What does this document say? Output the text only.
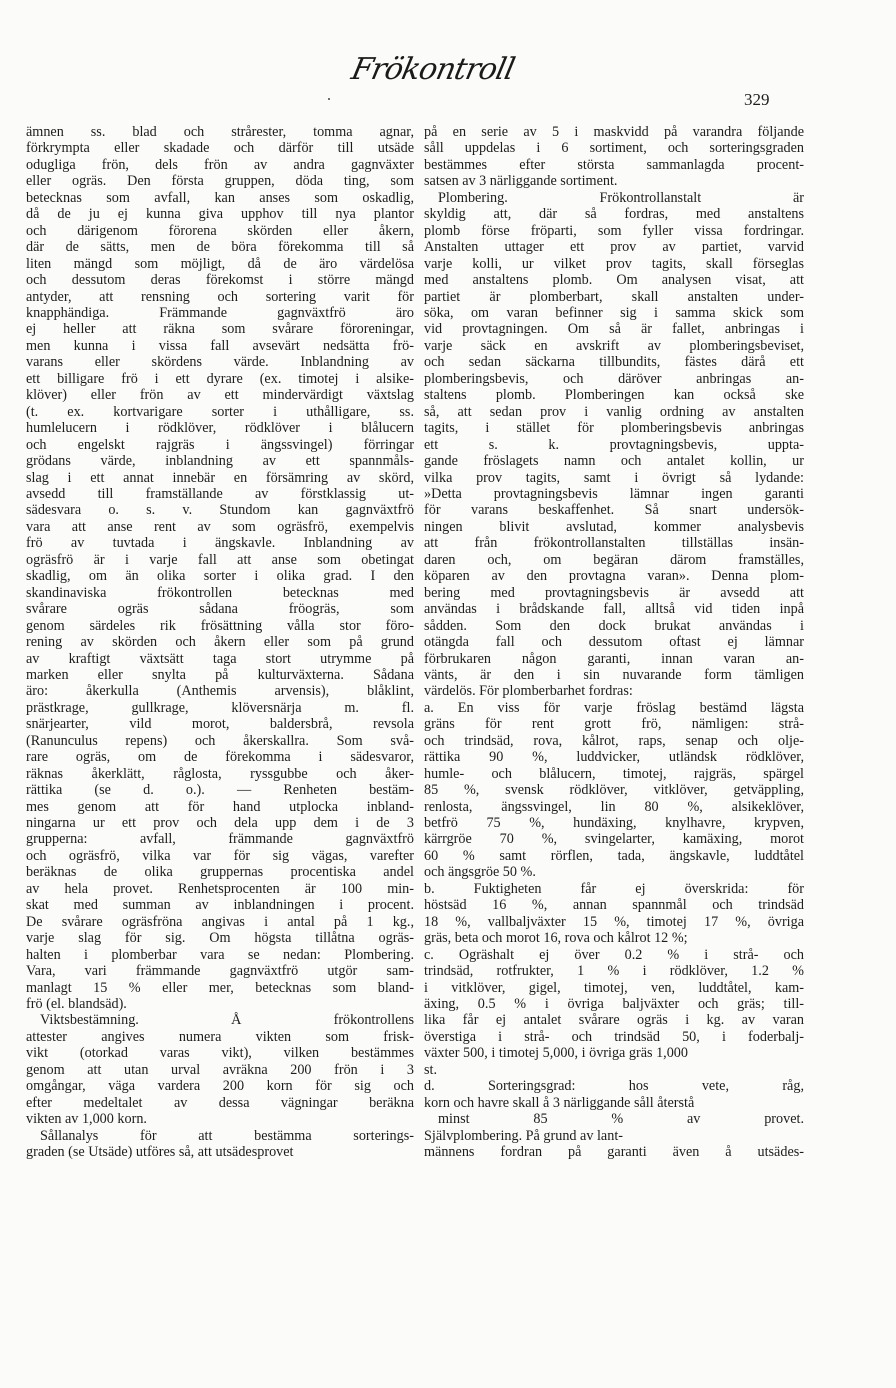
Frökontroll
329
ämnen ss. blad och strårester, tomma agnar,
förkrympta eller skadade och därför till utsäde
odugliga frön, dels frön av andra gagnväxter
eller ogräs. Den första gruppen, döda ting, som
betecknas som avfall, kan anses som oskadlig,
då de ju ej kunna giva upphov till nya plantor
och därigenom förorena skörden eller åkern,
där de sätts, men de böra förekomma till så
liten mängd som möjligt, då de äro värdelösa
och dessutom deras förekomst i större mängd
antyder, att rensning och sortering varit för
knapphändiga. Främmande gagnväxtfrö äro
ej heller att räkna som svårare föroreningar,
men kunna i vissa fall avsevärt nedsätta frö-
varans eller skördens värde. Inblandning av
ett billigare frö i ett dyrare (ex. timotej i alsike-
klöver) eller frön av ett mindervärdigt växtslag
(t. ex. kortvarigare sorter i uthålligare, ss.
humlelucern i rödklöver, rödklöver i blålucern
och engelskt rajgräs i ängssvingel) förringar
grödans värde, inblandning av ett spannmåls-
slag i ett annat innebär en försämring av skörd,
avsedd till framställande av förstklassig ut-
sädesvara o. s. v. Stundom kan gagnväxtfrö
vara att anse rent av som ogräsfrö, exempelvis
frö av tuvtada i ängskavle. Inblandning av
ogräsfrö är i varje fall att anse som obetingat
skadlig, om än olika sorter i olika grad. I den
skandinaviska frökontrollen betecknas med
svårare ogräs sådana fröogräs, som
genom särdeles rik frösättning vålla stor föro-
rening av skörden och åkern eller som på grund
av kraftigt växtsätt taga stort utrymme på
marken eller snylta på kulturväxterna. Sådana
äro: åkerkulla (Anthemis arvensis), blåklint,
prästkrage, gullkrage, klöversnärja m. fl.
snärjearter, vild morot, baldersbrå, revsola
(Ranunculus repens) och åkerskallra. Som svå-
rare ogräs, om de förekomma i sädesvaror,
räknas åkerklätt, råglosta, ryssgubbe och åker-
rättika (se d. o.). — Renheten bestäm-
mes genom att för hand utplocka inbland-
ningarna ur ett prov och dela upp dem i de 3
grupperna: avfall, främmande gagnväxtfrö
och ogräsfrö, vilka var för sig vägas, varefter
beräknas de olika gruppernas procentiska andel
av hela provet. Renhetsprocenten är 100 min-
skat med summan av inblandningen i procent.
De svårare ogräsfröna angivas i antal på 1 kg.,
varje slag för sig. Om högsta tillåtna ogräs-
halten i plomberbar vara se nedan: Plombering.
Vara, vari främmande gagnväxtfrö utgör sam-
manlagt 15 % eller mer, betecknas som bland-
frö (el. blandsäd).
Viktsbestämning. Å frökontrollens
attester angives numera vikten som frisk-
vikt (otorkad varas vikt), vilken bestämmes
genom att utan urval avräkna 200 frön i 3
omgångar, väga vardera 200 korn för sig och
efter medeltalet av dessa vägningar beräkna
vikten av 1,000 korn.
Sållanalys för att bestämma sorterings-
graden (se Utsäde) utföres så, att utsädesprovet
på en serie av 5 i maskvidd på varandra följande
såll uppdelas i 6 sortiment, och sorteringsgraden
bestämmes efter största sammanlagda procent-
satsen av 3 närliggande sortiment.
Plombering. Frökontrollanstalt är
skyldig att, där så fordras, med anstaltens
plomb förse fröparti, som fyller vissa fordringar.
Anstalten uttager ett prov av partiet, varvid
varje kolli, ur vilket prov tagits, skall förseglas
med anstaltens plomb. Om analysen visat, att
partiet är plomberbart, skall anstalten under-
söka, om varan befinner sig i samma skick som
vid provtagningen. Om så är fallet, anbringas i
varje säck en avskrift av plomberingsbeviset,
och sedan säckarna tillbundits, fästes därå ett
plomberingsbevis, och däröver anbringas an-
staltens plomb. Plomberingen kan också ske
så, att sedan prov i vanlig ordning av anstalten
tagits, i stället för plomberingsbevis anbringas
ett s. k. provtagningsbevis, uppta-
gande fröslagets namn och antalet kollin, ur
vilka prov tagits, samt i övrigt så lydande:
»Detta provtagningsbevis lämnar ingen garanti
för varans beskaffenhet. Så snart undersök-
ningen blivit avslutad, kommer analysbevis
att från frökontrollanstalten tillställas insän-
daren och, om begäran därom framställes,
köparen av den provtagna varan». Denna plom-
bering med provtagningsbevis är avsedd att
användas i brådskande fall, alltså vid tiden inpå
sådden. Som den dock brukat användas i
otängda fall och dessutom oftast ej lämnar
förbrukaren någon garanti, innan varan an-
vänts, är den i sin nuvarande form tämligen
värdelös. För plomberbarhet fordras:
a. En viss för varje fröslag bestämd lägsta
gräns för rent grott frö, nämligen: strå-
och trindsäd, rova, kålrot, raps, senap och olje-
rättika 90 %, luddvicker, utländsk rödklöver,
humle- och blålucern, timotej, rajgräs, spärgel
85 %, svensk rödklöver, vitklöver, getväppling,
renlosta, ängssvingel, lin 80 %, alsikeklöver,
betfrö 75 %, hundäxing, knylhavre, krypven,
kärrgröe 70 %, svingelarter, kamäxing, morot
60 % samt rörflen, tada, ängskavle, luddtåtel
och ängsgröe 50 %.
b. Fuktigheten får ej överskrida: för
höstsäd 16 %, annan spannmål och trindsäd
18 %, vallbaljväxter 15 %, timotej 17 %, övriga
gräs, beta och morot 16, rova och kålrot 12 %;
c. Ogräshalt ej över 0.2 % i strå- och
trindsäd, rotfrukter, 1 % i rödklöver, 1.2 %
i vitklöver, gigel, timotej, ven, luddtåtel, kam-
äxing, 0.5 % i övriga baljväxter och gräs; till-
lika får ej antalet svårare ogräs i kg. av varan
överstiga i strå- och trindsäd 50, i foderbalj-
växter 500, i timotej 5,000, i övriga gräs 1,000
st.
d. Sorteringsgrad: hos vete, råg,
korn och havre skall å 3 närliggande såll återstå
minst 85 % av provet.
Självplombering. På grund av lant-
männens fordran på garanti även å utsädes-
